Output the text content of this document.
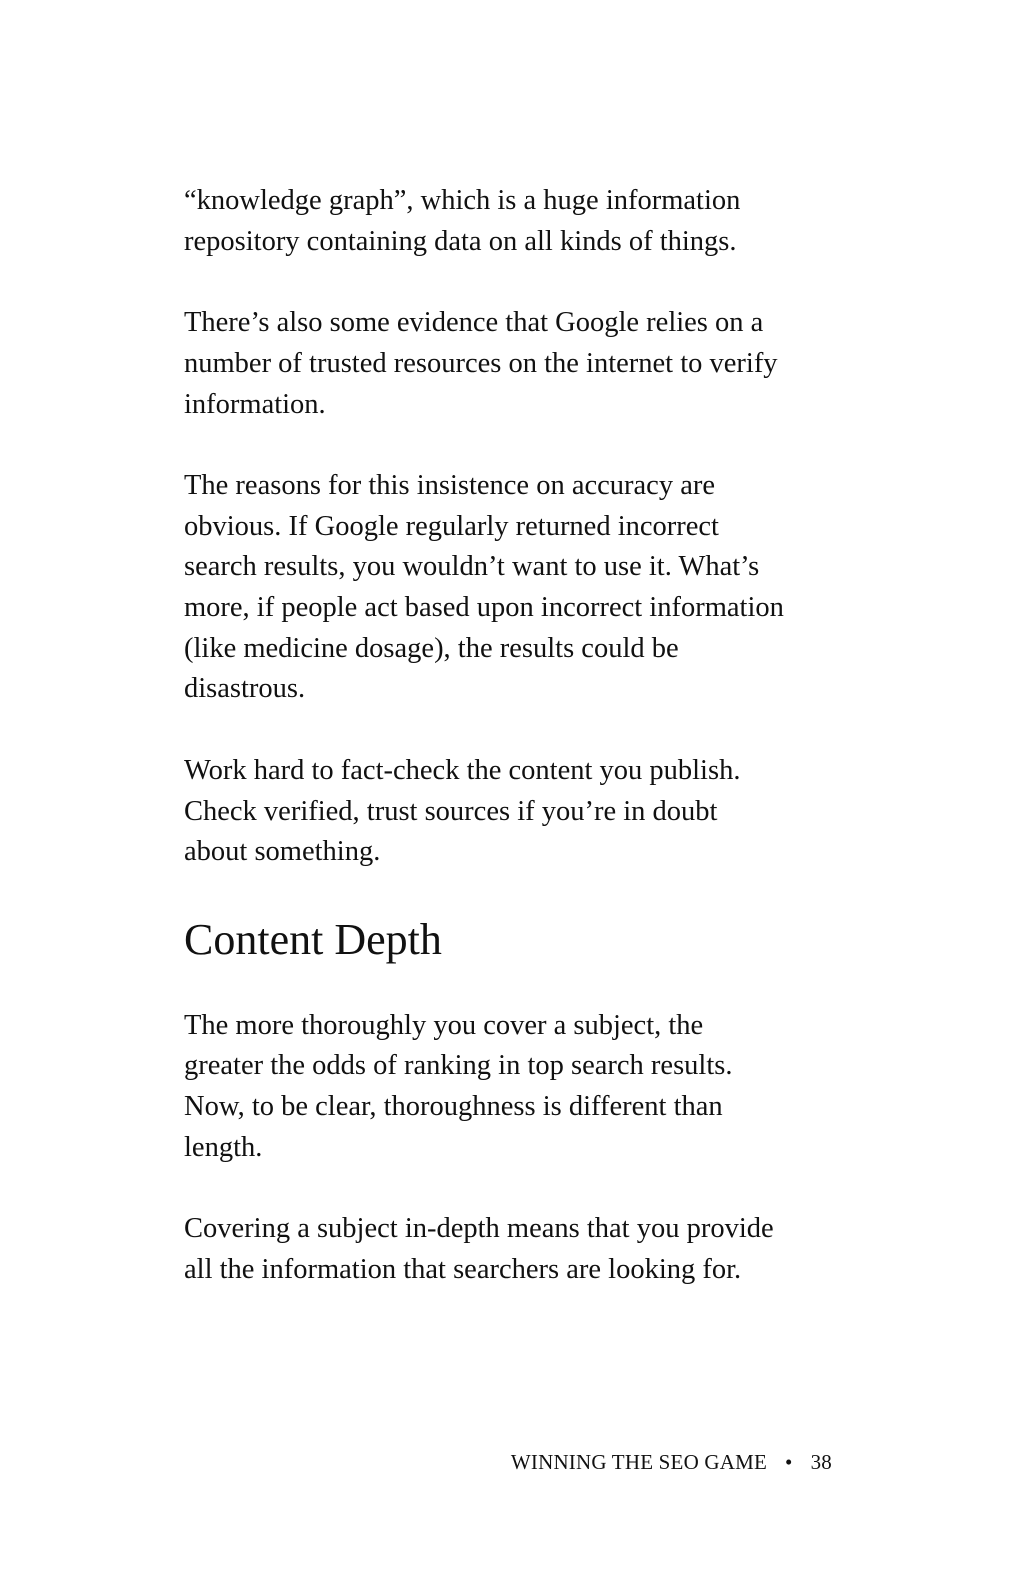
“knowledge graph”, which is a huge information
repository containing data on all kinds of things.

There’s also some evidence that Google relies on a
number of trusted resources on the internet to verify
information.

The reasons for this insistence on accuracy are
obvious. If Google regularly returned incorrect
search results, you wouldn’t want to use it. What’s
more, if people act based upon incorrect information
(like medicine dosage), the results could be
disastrous.

Work hard to fact-check the content you publish.
Check verified, trust sources if you’re in doubt
about something.

Content Depth

The more thoroughly you cover a subject, the
greater the odds of ranking in top search results.
Now, to be clear, thoroughness is different than
length.

Covering a subject in-depth means that you provide
all the information that searchers are looking for.

WINNING THE SEO GAME • 38
